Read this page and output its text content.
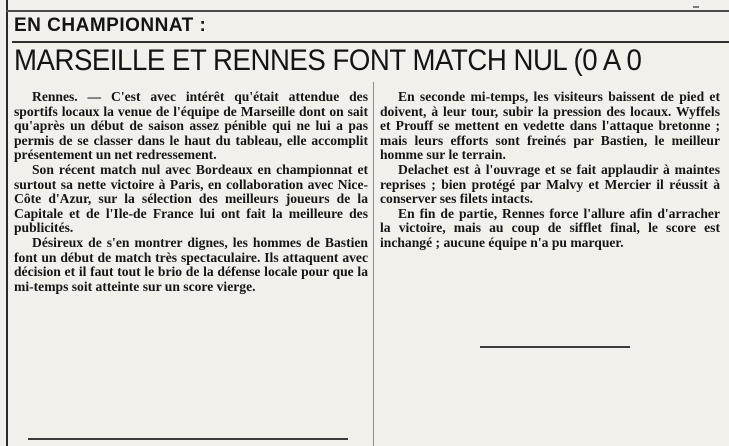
EN CHAMPIONNAT :
MARSEILLE ET RENNES FONT MATCH NUL (0 A 0

Rennes. — C'est avec intérêt qu'était attendue des sportifs locaux la venue de l'équipe de Marseille dont on sait qu'après un début de saison assez pénible qui ne lui a pas permis de se classer dans le haut du tableau, elle accomplit présentement un net redressement.

Son récent match nul avec Bordeaux en championnat et surtout sa nette victoire à Paris, en collaboration avec Nice-Côte d'Azur, sur la sélection des meilleurs joueurs de la Capitale et de l'Ile-de France lui ont fait la meilleure des publicités.

Désireux de s'en montrer dignes, les hommes de Bastien font un début de match très spectaculaire. Ils attaquent avec décision et il faut tout le brio de la défense locale pour que la mi-temps soit atteinte sur un score vierge.

En seconde mi-temps, les visiteurs baissent de pied et doivent, à leur tour, subir la pression des locaux. Wyffels et Prouff se mettent en vedette dans l'attaque bretonne ; mais leurs efforts sont freinés par Bastien, le meilleur homme sur le terrain.

Delachet est à l'ouvrage et se fait applaudir à maintes reprises ; bien protégé par Malvy et Mercier il réussit à conserver ses filets intacts.

En fin de partie, Rennes force l'allure afin d'arracher la victoire, mais au coup de sifflet final, le score est inchangé ; aucune équipe n'a pu marquer.
